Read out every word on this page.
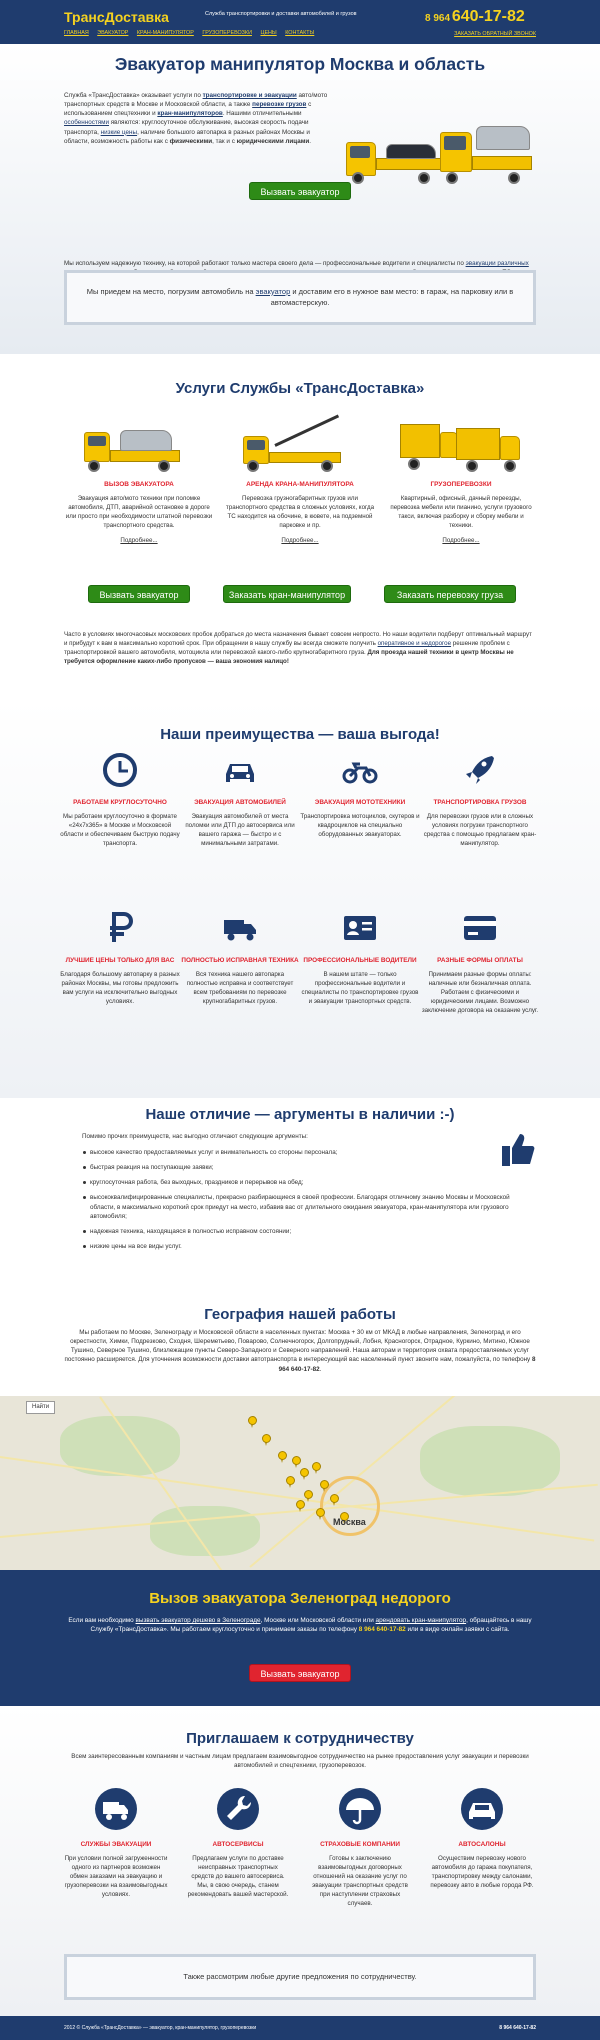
ТрансДоставка	Служба транспортировки и доставки автомобилей и грузов	8 964 640-17-82
ГЛАВНАЯ ЭВАКУАТОР КРАН-МАНИПУЛЯТОР ГРУЗОПЕРЕВОЗКИ ЦЕНЫ КОНТАКТЫ	ЗАКАЗАТЬ ОБРАТНЫЙ ЗВОНОК
Эвакуатор манипулятор Москва и область
Служба «ТрансДоставка» оказывает услуги по транспортировке и эвакуации авто/мото транспортных средств в Москве и Московской области, а также перевозке грузов с использованием спецтехники и кран-манипуляторов. Нашими отличительными особенностями являются: круглосуточное обслуживание, высокая скорость подачи транспорта, низкие цены, наличие большого автопарка в разных районах Москвы и области, возможность работы как с физическими, так и с юридическими лицами.
Вызвать эвакуатор
Мы используем надежную технику, на которой работают только мастера своего дела — профессиональные водители и специалисты по эвакуации различных
Мы приедем на место, погрузим автомобиль на эвакуатор и доставим его в нужное вам место: в гараж, на парковку или в автомастерскую.
Услуги Службы «ТрансДоставка»
ВЫЗОВ ЭВАКУАТОРА
Эвакуация авто/мото техники при поломке автомобиля, ДТП, аварийной остановке в дороге или просто при необходимости штатной перевозки транспортного средства.
Подробнее...
АРЕНДА КРАНА-МАНИПУЛЯТОРА
Перевозка грузногабаритных грузов или транспортного средства в сложных условиях, когда ТС находится на обочине, в кювете, на подземной парковке и пр.
Подробнее...
ГРУЗОПЕРЕВОЗКИ
Квартирный, офисный, дачный переезды, перевозка мебели или пианино, услуги грузового такси, включая разборку и сборку мебели и техники.
Подробнее...
Вызвать эвакуатор	Заказать кран-манипулятор	Заказать перевозку груза
Часто в условиях многочасовых московских пробок добраться до места назначения бывает совсем непросто. Но наши водители подберут оптимальный маршрут и прибудут к вам в максимально короткий срок. При обращении в нашу службу вы всегда сможете получить оперативное и недорогое решение проблем с транспортировкой вашего автомобиля, мотоцикла или перевозкой какого-либо крупногабаритного груза. Для проезда нашей техники в центр Москвы не требуется оформление каких-либо пропусков — ваша экономия налицо!
Наши преимущества — ваша выгода!
РАБОТАЕМ КРУГЛОСУТОЧНО
Мы работаем круглосуточно в формате «24x7x365» в Москве и Московской области и обеспечиваем быструю подачу транспорта.
ЭВАКУАЦИЯ АВТОМОБИЛЕЙ
Эвакуация автомобилей от места поломки или ДТП до автосервиса или вашего гаража — быстро и с минимальными затратами.
ЭВАКУАЦИЯ МОТОТЕХНИКИ
Транспортировка мотоциклов, скутеров и квадроциклов на специально оборудованных эвакуаторах.
ТРАНСПОРТИРОВКА ГРУЗОВ
Для перевозки грузов или в сложных условиях погрузки транспортного средства с помощью предлагаем кран-манипулятор.
ЛУЧШИЕ ЦЕНЫ ТОЛЬКО ДЛЯ ВАС
Благодаря большому автопарку в разных районах Москвы, мы готовы предложить вам услуги на исключительно выгодных условиях.
ПОЛНОСТЬЮ ИСПРАВНАЯ ТЕХНИКА
Вся техника нашего автопарка полностью исправна и соответствует всем требованиям по перевозке крупногабаритных грузов.
ПРОФЕССИОНАЛЬНЫЕ ВОДИТЕЛИ
В нашем штате — только профессиональные водители и специалисты по транспортировке грузов и эвакуации транспортных средств.
РАЗНЫЕ ФОРМЫ ОПЛАТЫ
Принимаем разные формы оплаты: наличные или безналичная оплата. Работаем с физическими и юридическими лицами. Возможно заключение договора на оказание услуг.
Наше отличие — аргументы в наличии :-)
Помимо прочих преимуществ, нас выгодно отличают следующие аргументы:
высокое качество предоставляемых услуг и внимательность со стороны персонала;
быстрая реакция на поступающие заявки;
круглосуточная работа, без выходных, праздников и перерывов на обед;
высококвалифицированные специалисты, прекрасно разбирающиеся в своей профессии. Благодаря отличному знанию Москвы и Московской области, в максимально короткий срок приедут на место, избавив вас от длительного ожидания эвакуатора, кран-манипулятора или грузового автомобиля;
надежная техника, находящаяся в полностью исправном состоянии;
низкие цены на все виды услуг.
География нашей работы
Мы работаем по Москве, Зеленограду и Московской области в населенных пунктах: Москва + 30 км от МКАД в любые направления, Зеленоград и его окрестности, Химки, Подрезково, Сходня, Шереметьево, Поварово, Солнечногорск, Долгопрудный, Лобня, Красногорск, Отрадное, Куркино, Митино, Южное Тушино, Северное Тушино, близлежащие пункты Северо-Западного и Северного направлений. Наша авторам и территория охвата предоставляемых услуг постоянно расширяется. Для уточнения возможности доставки автотранспорта в интересующий вас населенный пункт звоните нам, пожалуйста, по телефону 8 964 640-17-82.
Найти
Москва
Вызов эвакуатора Зеленоград недорого
Если вам необходимо вызвать эвакуатор дешево в Зеленограде, Москве или Московской области или арендовать кран-манипулятор, обращайтесь в нашу Службу «ТрансДоставка». Мы работаем круглосуточно и принимаем заказы по телефону 8 964 640-17-82 или в виде онлайн заявки с сайта.
Вызвать эвакуатор
Приглашаем к сотрудничеству
Всем заинтересованным компаниям и частным лицам предлагаем взаимовыгодное сотрудничество на рынке предоставления услуг эвакуации и перевозки автомобилей и спецтехники, грузоперевозок.
СЛУЖБЫ ЭВАКУАЦИИ
При условии полной загруженности одного из партнеров возможен обмен заказами на эвакуацию и грузоперевозки на взаимовыгодных условиях.
АВТОСЕРВИСЫ
Предлагаем услуги по доставке неисправных транспортных средств до вашего автосервиса. Мы, в свою очередь, станем рекомендовать вашей мастерской.
СТРАХОВЫЕ КОМПАНИИ
Готовы к заключению взаимовыгодных договорных отношений на оказание услуг по эвакуации транспортных средств при наступлении страховых случаев.
АВТОСАЛОНЫ
Осуществим перевозку нового автомобиля до гаража покупателя, транспортировку между салонами, перевозку авто в любые города РФ.
Также рассмотрим любые другие предложения по сотрудничеству.
2012 © Служба «ТрансДоставка» — эвакуатор, кран-манипулятор, грузоперевозки	8 964 640-17-82
